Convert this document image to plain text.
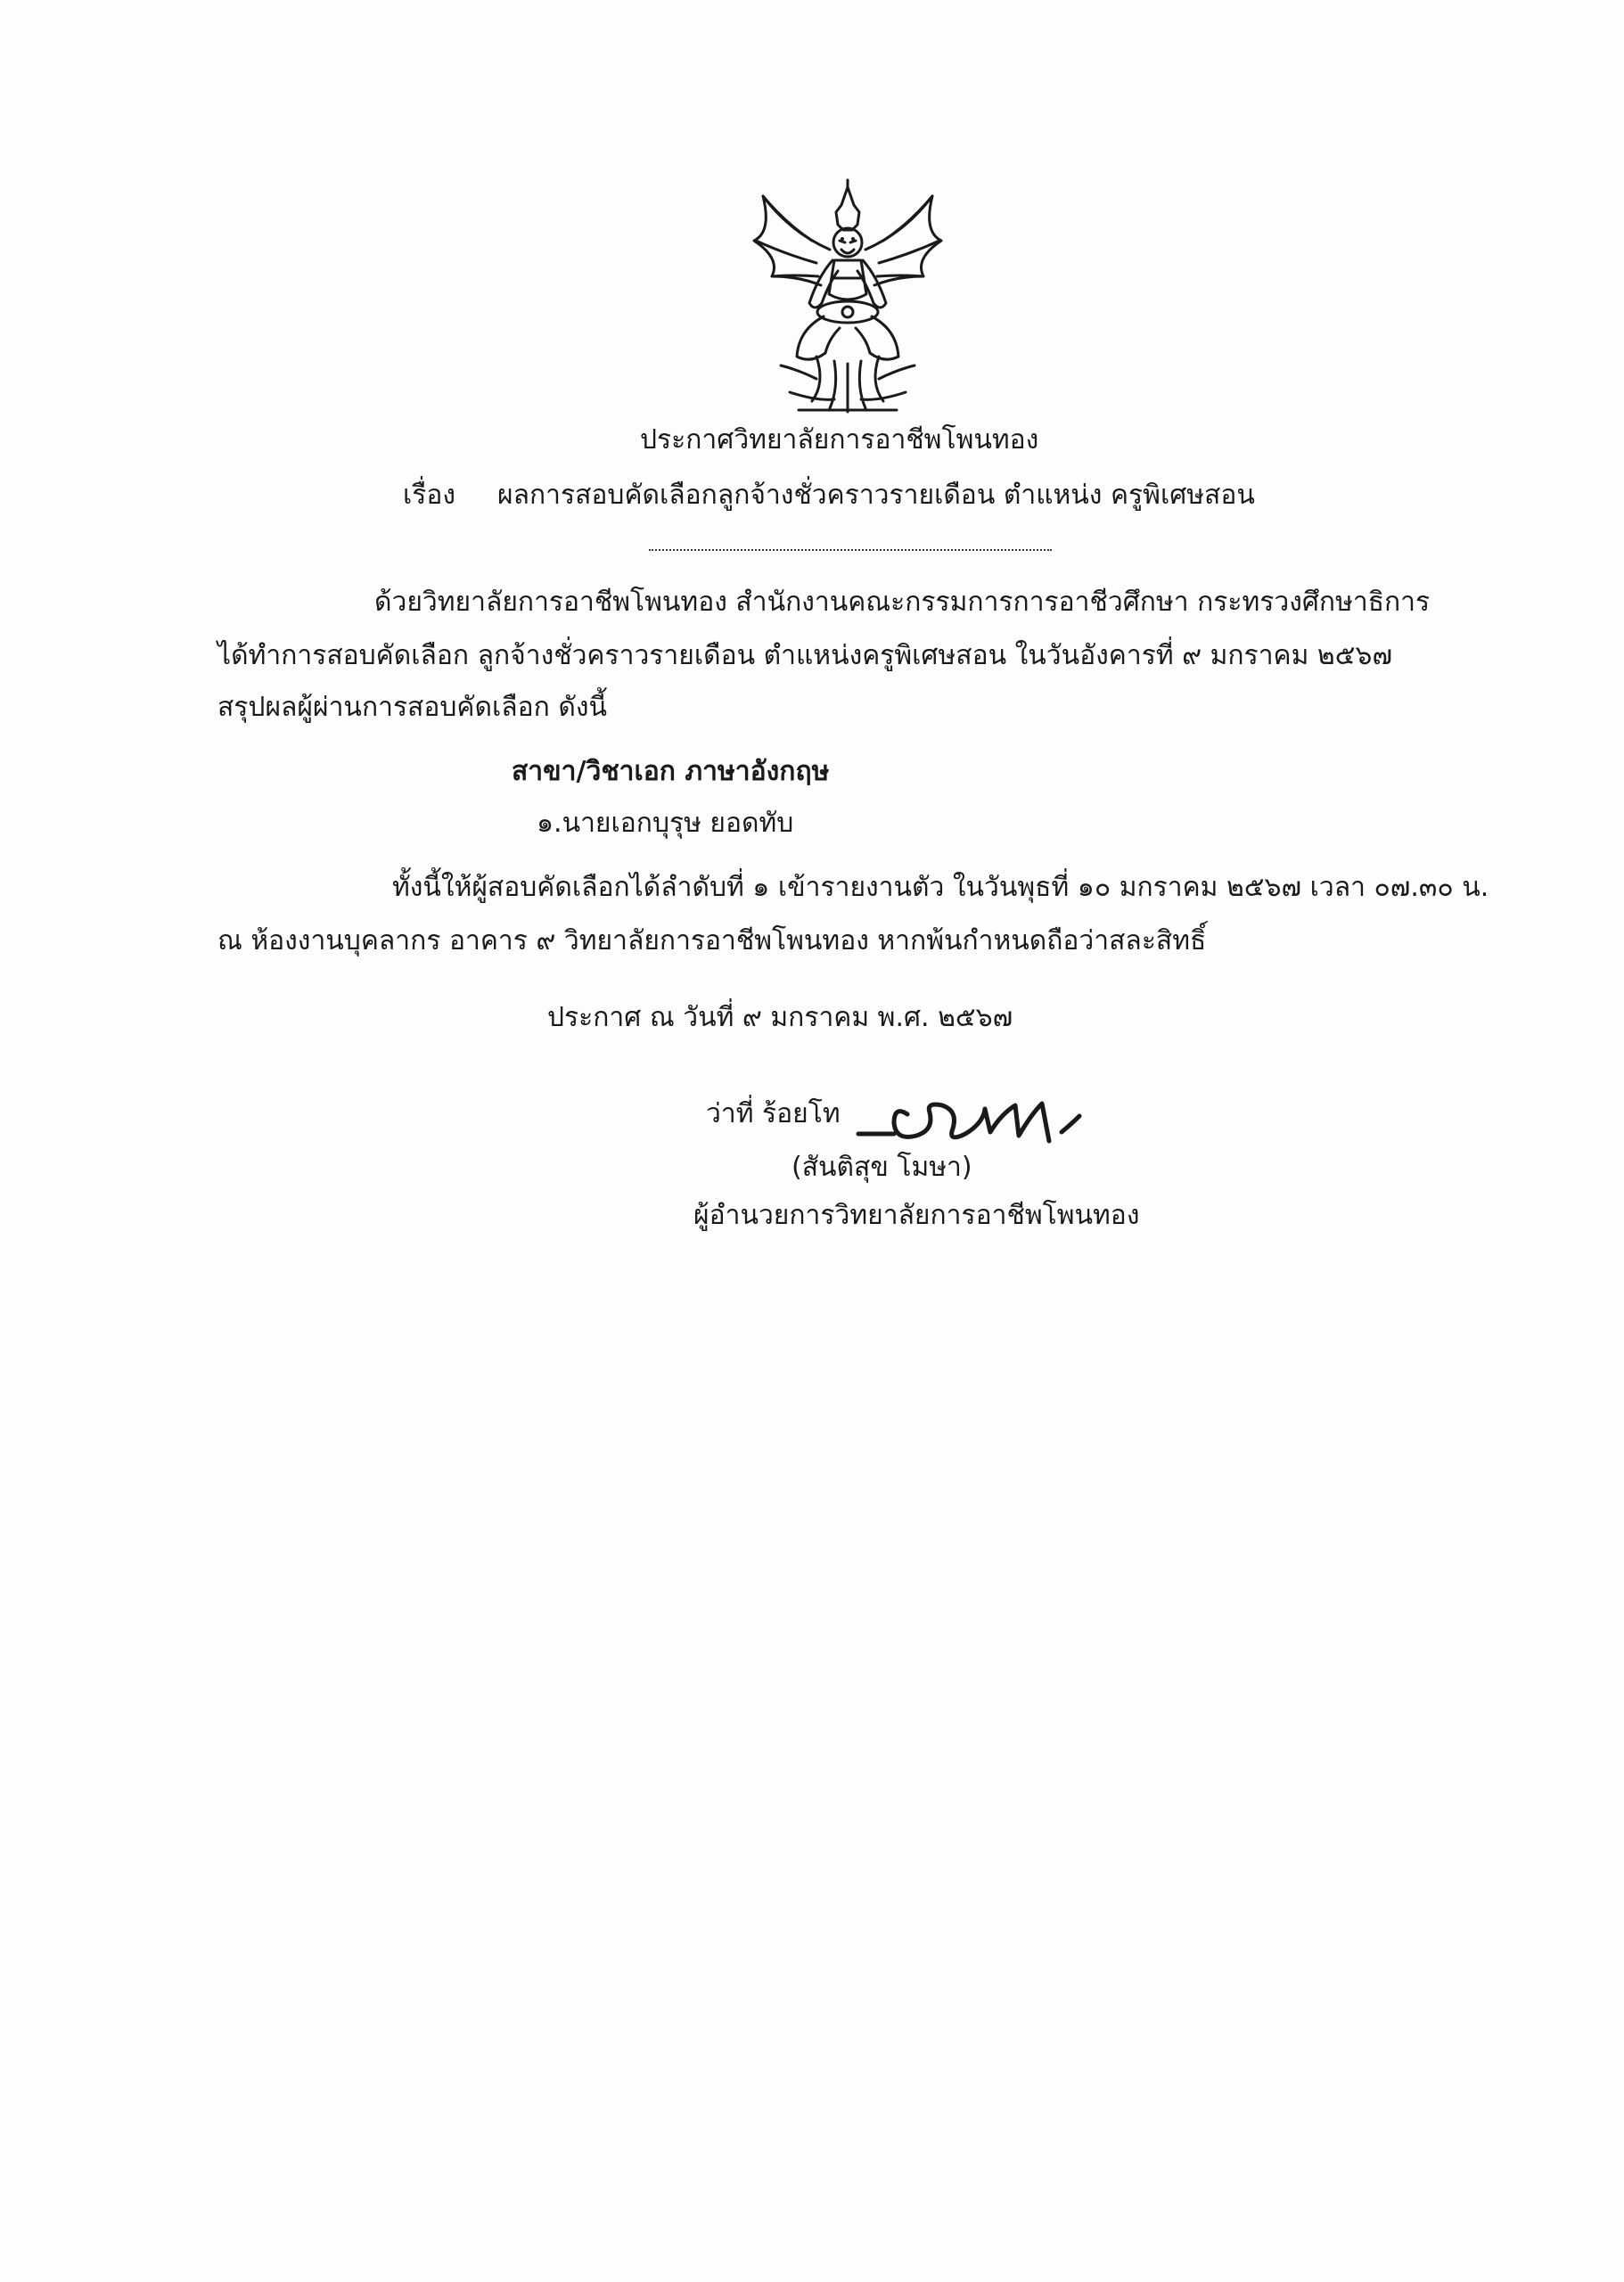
ประกาศวิทยาลัยการอาชีพโพนทอง
เรื่อง ผลการสอบคัดเลือกลูกจ้างชั่วคราวรายเดือน ตำแหน่ง ครูพิเศษสอน
ด้วยวิทยาลัยการอาชีพโพนทอง สำนักงานคณะกรรมการการอาชีวศึกษา กระทรวงศึกษาธิการ
ได้ทำการสอบคัดเลือก ลูกจ้างชั่วคราวรายเดือน ตำแหน่งครูพิเศษสอน ในวันอังคารที่ ๙ มกราคม ๒๕๖๗
สรุปผลผู้ผ่านการสอบคัดเลือก ดังนี้
สาขา/วิชาเอก ภาษาอังกฤษ
๑.นายเอกบุรุษ ยอดทับ
ทั้งนี้ให้ผู้สอบคัดเลือกได้ลำดับที่ ๑ เข้ารายงานตัว ในวันพุธที่ ๑๐ มกราคม ๒๕๖๗ เวลา ๐๗.๓๐ น.
ณ ห้องงานบุคลากร อาคาร ๙ วิทยาลัยการอาชีพโพนทอง หากพ้นกำหนดถือว่าสละสิทธิ์
ประกาศ ณ วันที่ ๙ มกราคม พ.ศ. ๒๕๖๗
ว่าที่ ร้อยโท
(สันติสุข โมษา)
ผู้อำนวยการวิทยาลัยการอาชีพโพนทอง
